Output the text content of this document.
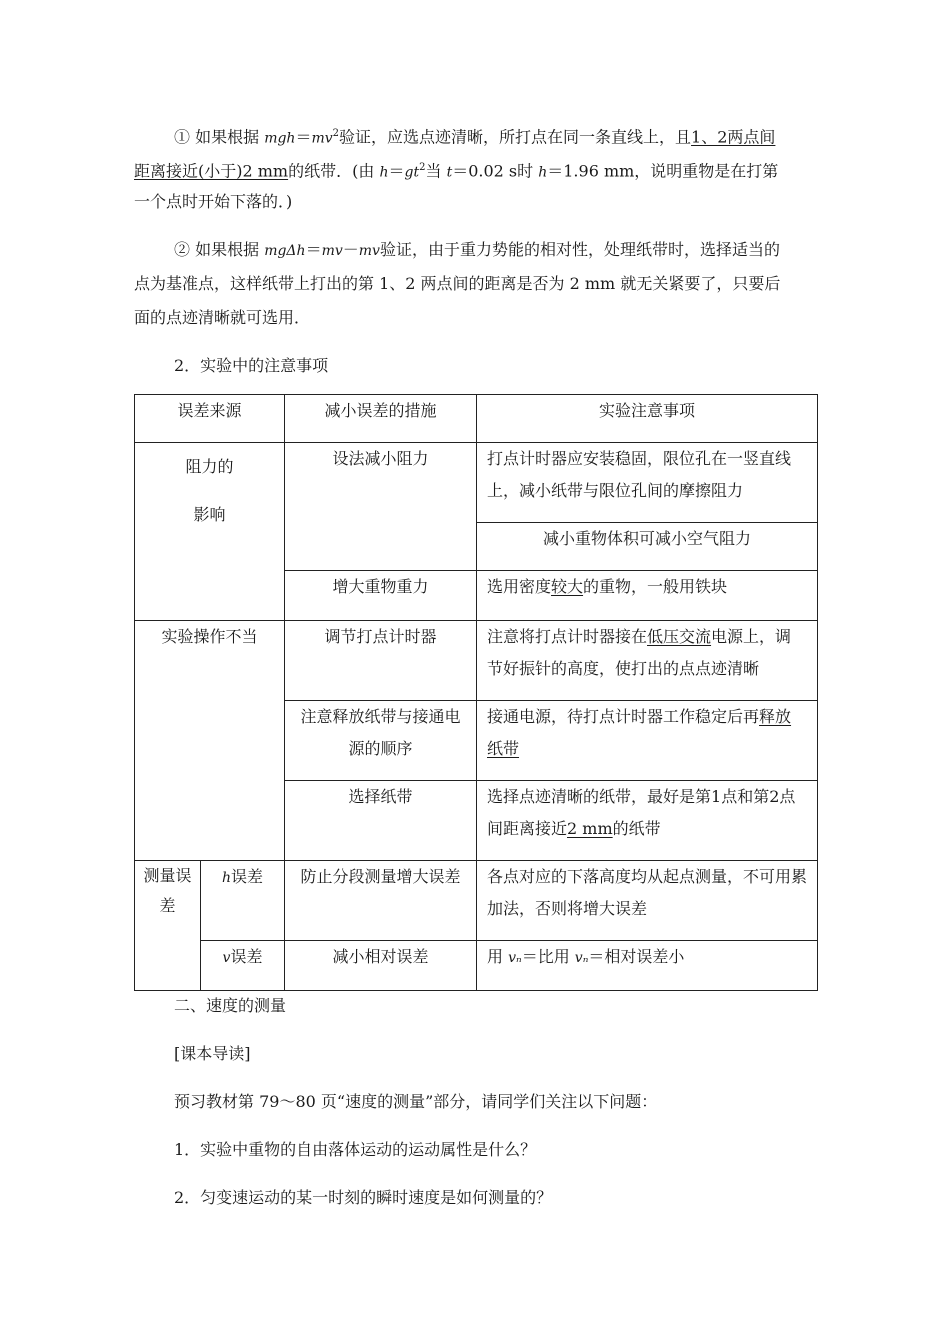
① 如果根据 $mgh=mv^2$验证，应选点迹清晰，所打点在同一条直线上，且1、2两点间
距离接近(小于)2 mm的纸带．(由 $h=gt^2$当 t＝0.02 s时 h＝1.96 mm，说明重物是在打第
一个点时开始下落的．)
② 如果根据 mgΔh＝mv－mv验证，由于重力势能的相对性，处理纸带时，选择适当的
点为基准点，这样纸带上打出的第 1、2 两点间的距离是否为 2 mm 就无关紧要了，只要后
面的点迹清晰就可选用．
2．实验中的注意事项
误差来源		减小误差的措施	实验注意事项

阻力的
影响		设法减小阻力	打点计时器应安装稳固，限位孔在一竖直线上，减小纸带与限位孔间的摩擦阻力
			减小重物体积可减小空气阻力
		增大重物重力	选用密度较大的重物，一般用铁块
实验操作不当		调节打点计时器	注意将打点计时器接在低压交流电源上，调节好振针的高度，使打出的点点迹清晰
		注意释放纸带与接通电源的顺序	接通电源，待打点计时器工作稳定后再释放纸带
		选择纸带	选择点迹清晰的纸带，最好是第1点和第2点间距离接近2 mm的纸带

测量误差	h误差	防止分段测量增大误差	各点对应的下落高度均从起点测量，不可用累加法，否则将增大误差
	v误差	减小相对误差	用 vₙ＝比用 vₙ＝相对误差小
二、速度的测量
[课本导读]
预习教材第 79～80 页“速度的测量”部分，请同学们关注以下问题：
1．实验中重物的自由落体运动的运动属性是什么？
2．匀变速运动的某一时刻的瞬时速度是如何测量的？
